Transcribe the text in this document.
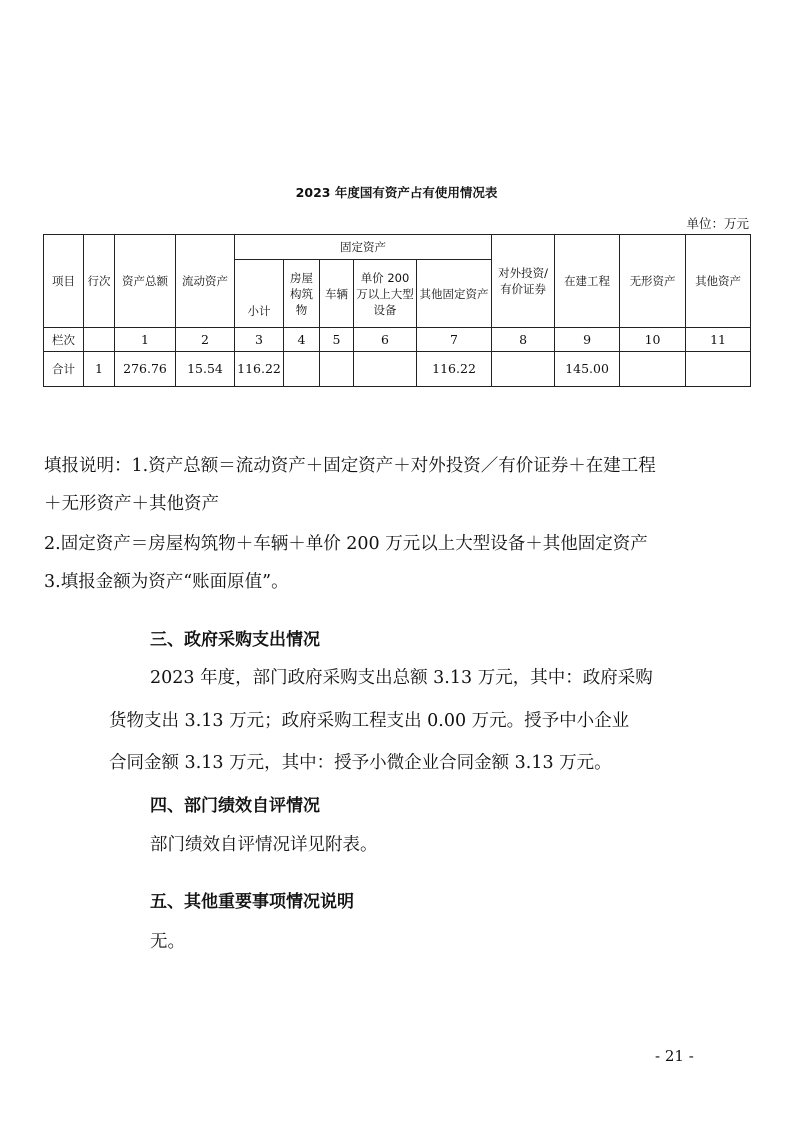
2023 年度国有资产占有使用情况表
单位：万元
项目	行次	资产总额	流动资产	固定资产					对外投资/有价证券	在建工程	无形资产	其他资产
				小计	房屋构筑物	车辆	单价 200 万以上大型设备	其他固定资产				
栏次		1	2	3	4	5	6	7	8	9	10	11
合计	1	276.76	15.54	116.22				116.22		145.00		
填报说明：1.资产总额＝流动资产＋固定资产＋对外投资／有价证券＋在建工程
＋无形资产＋其他资产
2.固定资产＝房屋构筑物＋车辆＋单价 200 万元以上大型设备＋其他固定资产
3.填报金额为资产“账面原值”。
三、政府采购支出情况
2023 年度，部门政府采购支出总额 3.13 万元，其中：政府采购
货物支出 3.13 万元；政府采购工程支出 0.00 万元。授予中小企业
合同金额 3.13 万元，其中：授予小微企业合同金额 3.13 万元。
四、部门绩效自评情况
部门绩效自评情况详见附表。
五、其他重要事项情况说明
无。
- 21 -
